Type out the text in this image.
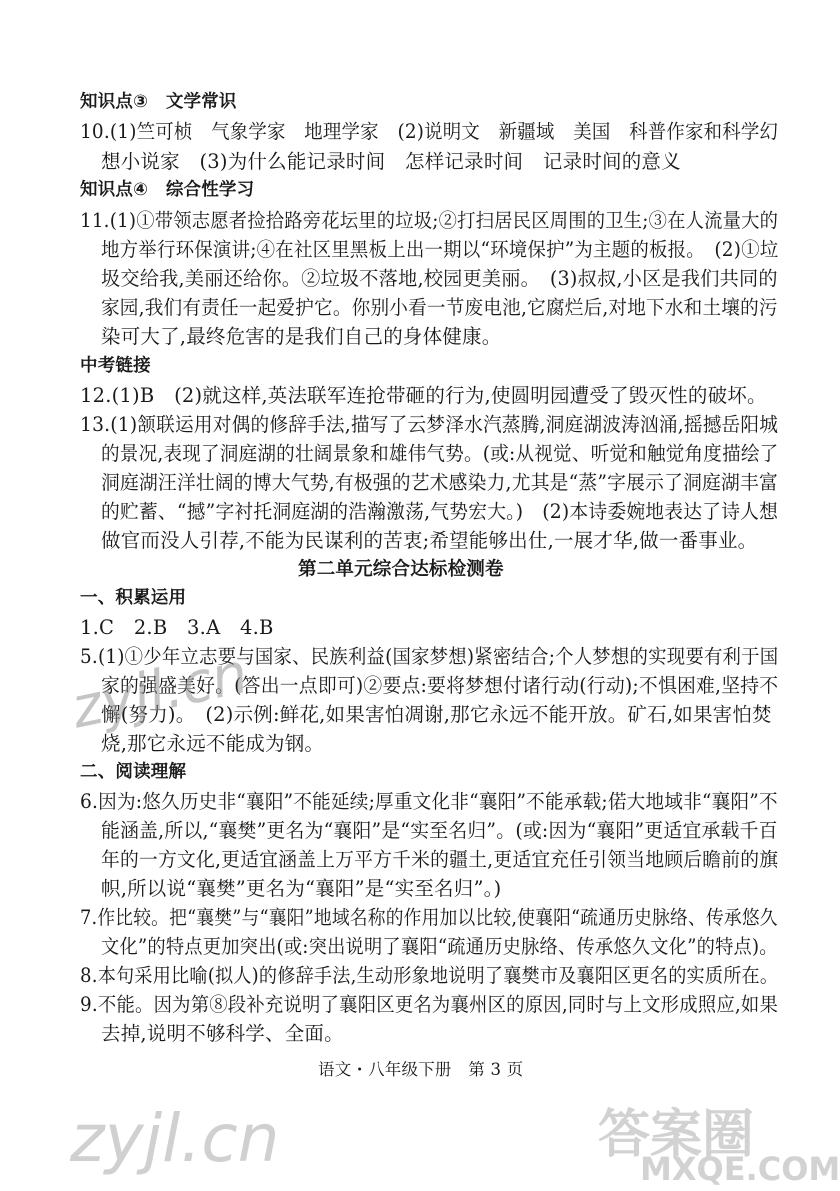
知识点③　文学常识
10.(1)竺可桢　气象学家　地理学家　(2)说明文　新疆域　美国　科普作家和科学幻
想小说家　(3)为什么能记录时间　怎样记录时间　记录时间的意义
知识点④　综合性学习
11.(1)①带领志愿者捡拾路旁花坛里的垃圾;②打扫居民区周围的卫生;③在人流量大的
地方举行环保演讲;④在社区里黑板上出一期以“环境保护”为主题的板报。　(2)①垃
圾交给我,美丽还给你。②垃圾不落地,校园更美丽。　(3)叔叔,小区是我们共同的
家园,我们有责任一起爱护它。你别小看一节废电池,它腐烂后,对地下水和土壤的污
染可大了,最终危害的是我们自己的身体健康。
中考链接
12.(1)B　(2)就这样,英法联军连抢带砸的行为,使圆明园遭受了毁灭性的破坏。
13.(1)颔联运用对偶的修辞手法,描写了云梦泽水汽蒸腾,洞庭湖波涛汹涌,摇撼岳阳城
的景况,表现了洞庭湖的壮阔景象和雄伟气势。(或:从视觉、听觉和触觉角度描绘了
洞庭湖汪洋壮阔的博大气势,有极强的艺术感染力,尤其是“蒸”字展示了洞庭湖丰富
的贮蓄、“撼”字衬托洞庭湖的浩瀚激荡,气势宏大。)　(2)本诗委婉地表达了诗人想
做官而没人引荐,不能为民谋利的苦衷;希望能够出仕,一展才华,做一番事业。
第二单元综合达标检测卷
一、积累运用
1.C　2.B　3.A　4.B
5.(1)①少年立志要与国家、民族利益(国家梦想)紧密结合;个人梦想的实现要有利于国
家的强盛美好。(答出一点即可)②要点:要将梦想付诸行动(行动);不惧困难,坚持不
懈(努力)。　(2)示例:鲜花,如果害怕凋谢,那它永远不能开放。矿石,如果害怕焚
烧,那它永远不能成为钢。
二、阅读理解
6.因为:悠久历史非“襄阳”不能延续;厚重文化非“襄阳”不能承载;偌大地域非“襄阳”不
能涵盖,所以,“襄樊”更名为“襄阳”是“实至名归”。(或:因为“襄阳”更适宜承载千百
年的一方文化,更适宜涵盖上万平方千米的疆土,更适宜充任引领当地顾后瞻前的旗
帜,所以说“襄樊”更名为“襄阳”是“实至名归”。)
7.作比较。把“襄樊”与“襄阳”地域名称的作用加以比较,使襄阳“疏通历史脉络、传承悠久
文化”的特点更加突出(或:突出说明了襄阳“疏通历史脉络、传承悠久文化”的特点)。
8.本句采用比喻(拟人)的修辞手法,生动形象地说明了襄樊市及襄阳区更名的实质所在。
9.不能。因为第⑧段补充说明了襄阳区更名为襄州区的原因,同时与上文形成照应,如果
去掉,说明不够科学、全面。
语文・八年级下册　第 3 页
zyjl.cn
zyjl.cn	答案圈
MXQE.COM
